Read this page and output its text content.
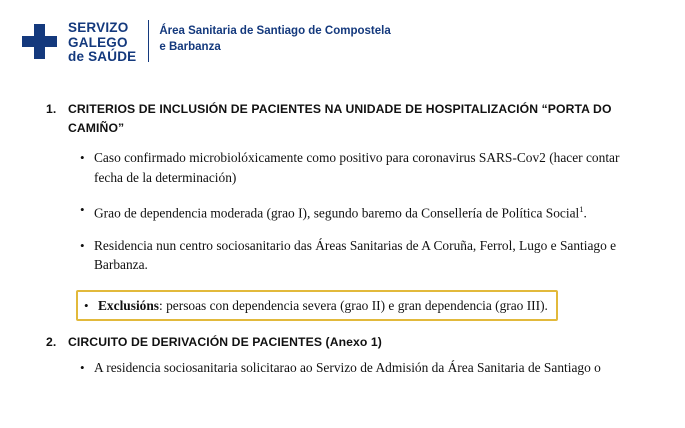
SERVIZO
GALEGO
de SAÚDE
Área Sanitaria de Santiago de Compostela
e Barbanza
1. CRITERIOS DE INCLUSIÓN DE PACIENTES NA UNIDADE DE HOSPITALIZACIÓN “PORTA DO CAMIÑO”
• Caso confirmado microbiolóxicamente como positivo para coronavirus SARS-Cov2 (hacer contar fecha de la determinación)
• Grao de dependencia moderada (grao I), segundo baremo da Consellería de Política Social$^1$.
• Residencia nun centro sociosanitario das Áreas Sanitarias de A Coruña, Ferrol, Lugo e Santiago e Barbanza.
• Exclusións: persoas con dependencia severa (grao II) e gran dependencia (grao III).
2. CIRCUITO DE DERIVACIÓN DE PACIENTES (Anexo 1)
• A residencia sociosanitaria solicitarao ao Servizo de Admisión da Área Sanitaria de Santiago o
